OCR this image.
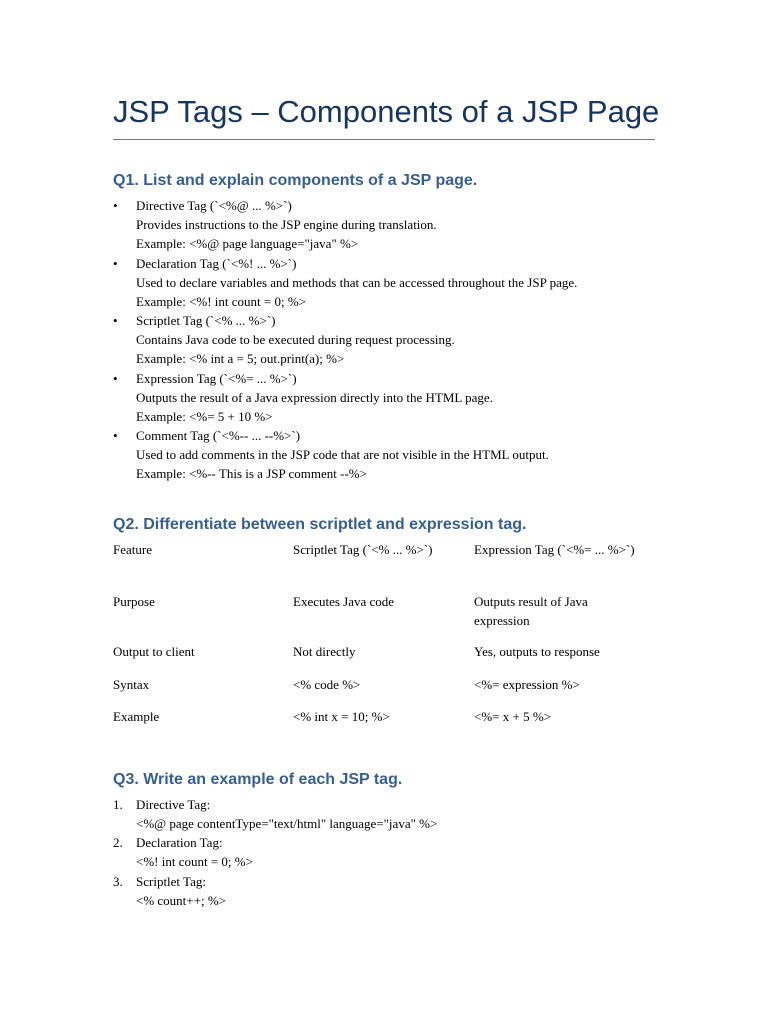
JSP Tags – Components of a JSP Page
Q1. List and explain components of a JSP page.
• Directive Tag (`<%@ ... %>`)
Provides instructions to the JSP engine during translation.
Example: <%@ page language="java" %>
• Declaration Tag (`<%! ... %>`)
Used to declare variables and methods that can be accessed throughout the JSP page.
Example: <%! int count = 0; %>
• Scriptlet Tag (`<% ... %>`)
Contains Java code to be executed during request processing.
Example: <% int a = 5; out.print(a); %>
• Expression Tag (`<%= ... %>`)
Outputs the result of a Java expression directly into the HTML page.
Example: <%= 5 + 10 %>
• Comment Tag (`<%-- ... --%>`)
Used to add comments in the JSP code that are not visible in the HTML output.
Example: <%-- This is a JSP comment --%>
Q2. Differentiate between scriptlet and expression tag.
Feature	Scriptlet Tag (`<% ... %>`)	Expression Tag (`<%= ... %>`)
Purpose	Executes Java code	Outputs result of Java expression
Output to client	Not directly	Yes, outputs to response
Syntax	<% code %>	<%= expression %>
Example	<% int x = 10; %>	<%= x + 5 %>
Q3. Write an example of each JSP tag.
1. Directive Tag:
<%@ page contentType="text/html" language="java" %>
2. Declaration Tag:
<%! int count = 0; %>
3. Scriptlet Tag:
<% count++; %>
